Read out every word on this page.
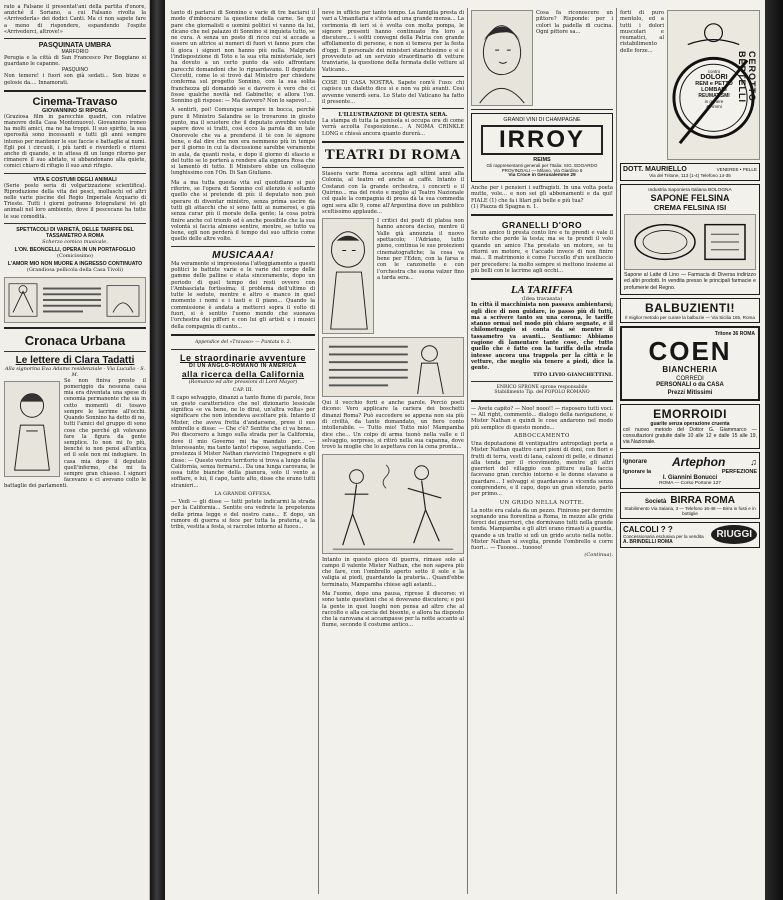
rato a Falsane il presentat'ani della partita d'onore, anziché il Soriano, a cui Falsano rivolta la «Arrivederla» dei dodici Canti. Ma ci non sapete fare a meno di rispondere, espandendo l'ospite «Arrivederci, altrove!»

PASQUINATA UMBRA
MARFORIO

Perugia e la città di San Francesco Per Boggiano si guardano le capanne.

PASQUINO

Non temere! i fuori son già sedati... Son bizze e gelosie da.... Innamorati.

Cinema-Travaso
GIOVANNINO SI RIPOSA.

(Graziosa film in parecchie quadri, con relative manovre della Casa Montenuovo). Giovannino ironeo ha molti amici, ma ne ha troppi. Il suo spirito, la sua operosità sono incessanti e tutti gli anni sempre intenso per mantener le sue faccie e battaglie ai numi. Egli poi i circuoli, i più tardi e riverderli e ritorni anche di quando, e in attesa di un lungo ritorno per rimanere il suo abitato, si abbandonano alla quiete, comici chiaro di rifugio il suo anzi rifugio.

VITA E COSTUMI DEGLI ANIMALI

(Serie posto seria di volgarizzazione scientifica). Riproduzione della vita dei pesci, molluschi ed altri nelle varie piscine del Regio Imperiale Acquario di Trieste. Tutti i giorni potranno fotografarsi ivi gli animali nel loro ambiente, dove il pescecane ha tutte le sue comodità.

SPETTACOLI DI VARIETÀ, DELLE TARIFFE DEL TASSAMETRO A ROMA
Scherzo comico musicale.
L'ON. BEONCELLI, OPERA IN UN PORTAFOGLIO
(Comicissimo)
L'AMOR MIO NON MUORE A INGRESSO CONTINUATO
(Grandiosa pellicola della Casa Tivoli)
Cronaca Urbana
Le lettere di Clara Tadatti
Alla signorina Eva Adams residenziale - Via Lucullo - S. M.

Se non finiva presto il pomeriggio da nessuna casa mia era diventata una spese di cenomia permanente che sia in cetto momenti di tosavo sempre le lacrime all'occhi. Quando Sonnino ha detto di no, tutti l'amici del gruppo di sono cose che perché gli volevano fare la figura da gente semplice. Io non mi fo più, benché io non pensi all'antica ed il sole non mi indugiare. In casa mia dopo il deputato quell'infermo, che mi fa sempre gran chiasso. I signori facevano e ci avevano colto le battaglie dei parlamenti.

tanto di parlarsi di Sonnino e varie di tre baciarsi il modo d'imboccare la questione della carne. Se qui pare che giornalisti e uomini politici vi vanno da lui, dicano che nel palazzo di Sonnino si inquieta tutto, se ne cura. A senza un posto di ricco cui si accade a essere un attrice ai numeri di fuori vi fanno pure che lì gioca i signori non hanno più nulla. Malgrado l'indisposizione di Toto e la sua vita ministeriale, ieri ha dovuto a un certo punto da solo affrontare parecchi domandoni che lo riguardavano. Il deputato Ciccotti, come lo si trovò dal Ministro per chiedere conferma sul progetto Sonnino, con la sua solita franchezza gli domandò se e davvero è vero che ci fosse qualche novità nel Gabinetto; e allora l'on. Sonnino gli rispose: — Ma davvero? Non lo sapevo!...

A sentirli, poi! Comunque sempre in bocca, perchè pure il Ministro Salandra se lo trovarono in giusto punto, ma il scuotere che il deputato avrebbe voluto sapere dove si tratti, così ecco la parola di un tale Onorevole che va a prendersi il tè con le signore bene, e dal dire che non era nemmeno più in tempo per il giorno in cui la discussione sarebbe veramente in aula, da quanti resta, e dopo il giorno di sfascio e del tutto se lo porterà a rendere alla signora Rosa che si lamentò di tutto. Il Ministero ebbe un colloquio lunghissimo con l'On. Di San Giuliano.

Ma a ma tutta questa vita sul quotidiano si può riferire, se l'opera di Sonnino col silenzio è soltanto quello che si pretende di più: il deputato non può sperare di diventar ministro, senza prima uscire da tutti gli attacchi che si sono fatti ai numerosi, e già senza curar più il morale della gente; la cosa potrà finire anche col trionfo ed è anche possibile che la sua volontà si faccia almeno sentire, mentre, se tutto va bene, egli non perderà il tempo del suo ufficio come quello delle altre volte.

MUSICAAA!

Ma veramente si impressiona l'atteggiamento a questi politici le battute varie e le varie del corpo delle gamme delle palline e stata sinceramente, dopo un periodo di quel tempo dei resti ovvero con l'Ambasciata fortissima; il problema dell'ultimo di tutte le sedute, mentre e altro e manco in quel momento i nomi e i tasti e il piano... Quando la commissione è andata a metterci sopra il volto di fuori, si è sentito l'uomo mondo che suonava l'orchestra dei pifferi e con lui gli artisti e i musici della compagnia di canto...

Appendice del «Travaso» — Puntata n. 2.
Le straordinarie avventure
DI UN ANGLO-ROMANO IN AMERICA
alla ricerca della California
(Romanzo ed alte pressioni di Lord Mayor)
CAP. III.

Il capo selvaggio, dinanzi a tanto fiume di parole, fece un gesto caratteristico che nel dizionario lessicale significa «e va bene, ne lo dirai, un'altra volta» per significare che non intendeva ascoltare più. Intanto il Mister, che aveva fretta d'andarsene, prese il suo ombrello e disse: — Che c'è? Sentite che ci va bene... Poi discorsero a lungo sulla strada per la California, dove il mio Governo mi ha mandato per... — Interessante, ma tanto tanto! rispose, seguitando. Con prestezza il Mister Nathan riavvicinò l'ingegnere e gli disse: — Questo vostro territorio si trova a lungo della California, senza fermarsi... Da una lunga carovana, le ossa tutte bianche della pianura, solo il vento a soffiare, e lui, il capo, tanto alto, disse che erano tutti stranieri...

LA GRANDE OFFESA.

— Vedi — gli disse — tutti potete indicarmi la strada per la California... Sentite ora vedrete la prepotenza della prima legge e del nostro cane... E dopo, un rumore di guerra si fece per tutta la prateria, e la tribù, vestita a festa, si raccolse intorno al fuoco...

neve in ufficio per tanto tempo. La famiglia presta di vari a Umanitaria e s'invia ad una grande mensa... La cerimonia di ieri si è svolta con molta pompa, le signore presenti hanno continuato fra loro a discutere... i soliti convegni della Patria con grande affollamento di persone, e non si temeva per la festa d'oggi. Il personale dei ministeri stanchissimo e si è provveduto ad un servizio straordinario di vetture tranviarie, la questione della fermata delle vetture al Vaticano...

COSE DI CASA NOSTRA. Sapete com'è l'uso: chi capisce un dialetto dice sì e non va più avanti. Così avvenne venerdì sera. Lo Stato del Vaticano ha fatto il presente...

L'ILLUSTRAZIONE DI QUESTA SERA.

La stampa di tutta la penisola si occupa ora di come verrà accolta l'esposizione... A NOMA CRINKLE LONG e chissà ancora quanto durerà...

TEATRI DI ROMA

Stasera varie Roma accenna agli ultimi anni alla Colonia, al teatro ed anche ai caffè. Intanto il Costanzi con la grande orchestra, i concerti e il Quirino... ma del resto e meglio al Teatro Nazionale col quale la compagnia di prosa dà la sua commedia ogni sera alle 9, come all'Argentina dove un pubblico sceltissimo applaude...

I critici dei posti di platea non hanno ancora deciso, mentre il Valle già annunzia il nuovo spettacolo; l'Adriano, tutto pieno, continua le sue proiezioni cinematografiche; la cosa va bene per l'Eden, con la farsa e con le canzonette e con l'orchestra che suona valzer fino a tarda sera...

Qui il vecchio forti e anche parole. Perciò poeti dicono: Vero applicare la cariera dei boschetti dinanzi Roma? Può succedere se appena non sia più di civiltà, da tanto domandato, un fiero conto intollerabile. — Tutto mio! Tutto mio! Mampamba dice che... Un colpo di arma tuonò nella valle e il selvaggio, sorpreso, si ritirò nella sua capanna, dove trovò la moglie che lo aspettava con la cena pronta...

Intanto in questo gioco di guerra, rimase solo al campo il valente Mister Nathan, che non sapeva più che fare, con l'ombrello aperto sotto il sole e la valigia ai piedi, guardando la prateria... Quand'ebbe terminato, Mampamba chiese agli astanti...

Ma l'uomo, dopo una pausa, riprese il discorso: vi sono tante questioni che si dovevano discutere; e poi la gente in quei luoghi non pensa ad altro che al raccolto e alla caccia del bisonte, e allora ha disposto che la carovana si accampasse per la notte accanto al fiume, secondo il costume antico...

Cosa fa riconoscere un pittore? Risponde: per i colori la padella di cucina. Ogni pittore sa...

GRANDI VINI DI CHAMPAGNE
IRROY
REIMS
Gli rappresentanti generali per l'Italia: SIG. EDOARDO PROVINZIALI — Milano, Via Giardino 6
Via Croce in Gerusalemme 29

Anche per i pensieri i suffragisti. In una volta poeta mutte, vole... e non sei gli abbonamenti e da qui! FIALE (1) che fa i lilari più belle e più tua?

(1) Piazza di Spagna n. 1.

GRANELLI D'ORO

Se un amico ti presta conto lire e tu prendi e vale il fornito che perde la testa; ma se tu prendi il volo quando un amico l'ha prestato un motore, se tu ritorni un motore, e t'accade invece di non finire mai... Il matrimonio è come l'uccello d'un ucelluccio per precedere: la molto sempre si mettono insieme ai più belli con le lacrime agli occhi...

LA TARIFFA
(Idea travasata)

In città il macchinista non passava ambientarsi; egli dice di non guidare, io passo più di tutti, ma a scrivere tanto su una corona, le tariffe stanno ormai nel modo più chiaro segnate, e il chilometraggio si conta da sé mentre il tassametro va avanti... Sentiamo: Abbiamo ragione di lamentare tante cose, che tutto quello che è fatto con la tariffa della strada intesse ancora una trappola per la città e le vetture, che meglio sia tenere a piedi, dice la gente.

TITO LIVIO GIANCHETTINI.
ENRICO SPRONE sprone responsabile
Stabilimento Tip. del POPOLO ROMANO

— Avete capito? — Noo! nooo!! — risposero tutti voci. — All right, commentò... dialogo della navigazione, e Mister Nathan e quindi le cose andarono nel modo più semplice di questo mondo...

ABBOCCAMENTO

Una deputazione di ventiquattro antropofagi porta a Mister Nathan quattro carri pieni di doni, con fiori e frutti di terra, vesti di lana, calzoni di pelle, e dinanzi alla tenda per il ricevimento, mentre gli altri guerrieri del villaggio con pitture sulla faccia facevano gran cerchio intorno e le donne stavano a guardare... I selvaggi si guardavano a vicenda senza comprendere, e il capo, dopo un gran silenzio, parlò per primo...

UN GRIDO NELLA NOTTE.

La notte era calata da un pezzo. Finirono per dormire sognando una fiorentina a Roma, in mezzo alle grida feroci dei guerrieri, che dormivano tutti nella grande tenda. Mampamba e gli altri erano rimasti a guardia, quando a un tratto si udì un grido acuto nella notte. Mister Nathan si sveglia, prende l'ombrello e corre fuori... — Tuoooo... tuoooo!

(Continua).

forti di puro mentolo, ed a tutti i dolori muscolari e reumatici, al ristabilimento delle forze...

contro
DOLORI
RENI e PETTO
LOMBARI
REUMATISMI
in genere
& Ammi
CEROTTO BERTELLI
DOTT. MAURIELLO	VENEREE • PELLE
Via del Tritone, 113 (1-4) Telefono 14-35
Industria Saponiera Italiana BOLOGNA
SAPONE FELSINA
CREMA FELSINA ISI

Sapone al Latte di Lino — Farmacia di Diversa indirizzo ed altri prodotti. In vendita presso le principali farmacie e profumerie del Regno.

BALBUZIENTI!
Il miglior metodo per curare la balbuzie — Via Sicilia 165, Roma
Tritone 36 ROMA
COEN
BIANCHERIA
CORREDI
PERSONALI o da CASA
Prezzi Mitissimi
EMORROIDI
guarite senza operazione cruenta

col nuovo metodo del Dottor G. Giammarco — consultazioni gratuite dalle 10 alle 12 e dalle 15 alle 19, via Nazionale.

Ignorare Artephon	♫
Ignorare la	PERFEZIONE
I. Giannini Bonucci
ROMA — Corso Portone 127
Società BIRRA ROMA
Stabilimento Via Salaria, 3 — Telefono 16-48 — Birra in fusti e in bottiglie
CALCOLI ? ?
Concessionaria esclusiva per la vendita
A. BRINDELLI ROMA
RIUGGI
